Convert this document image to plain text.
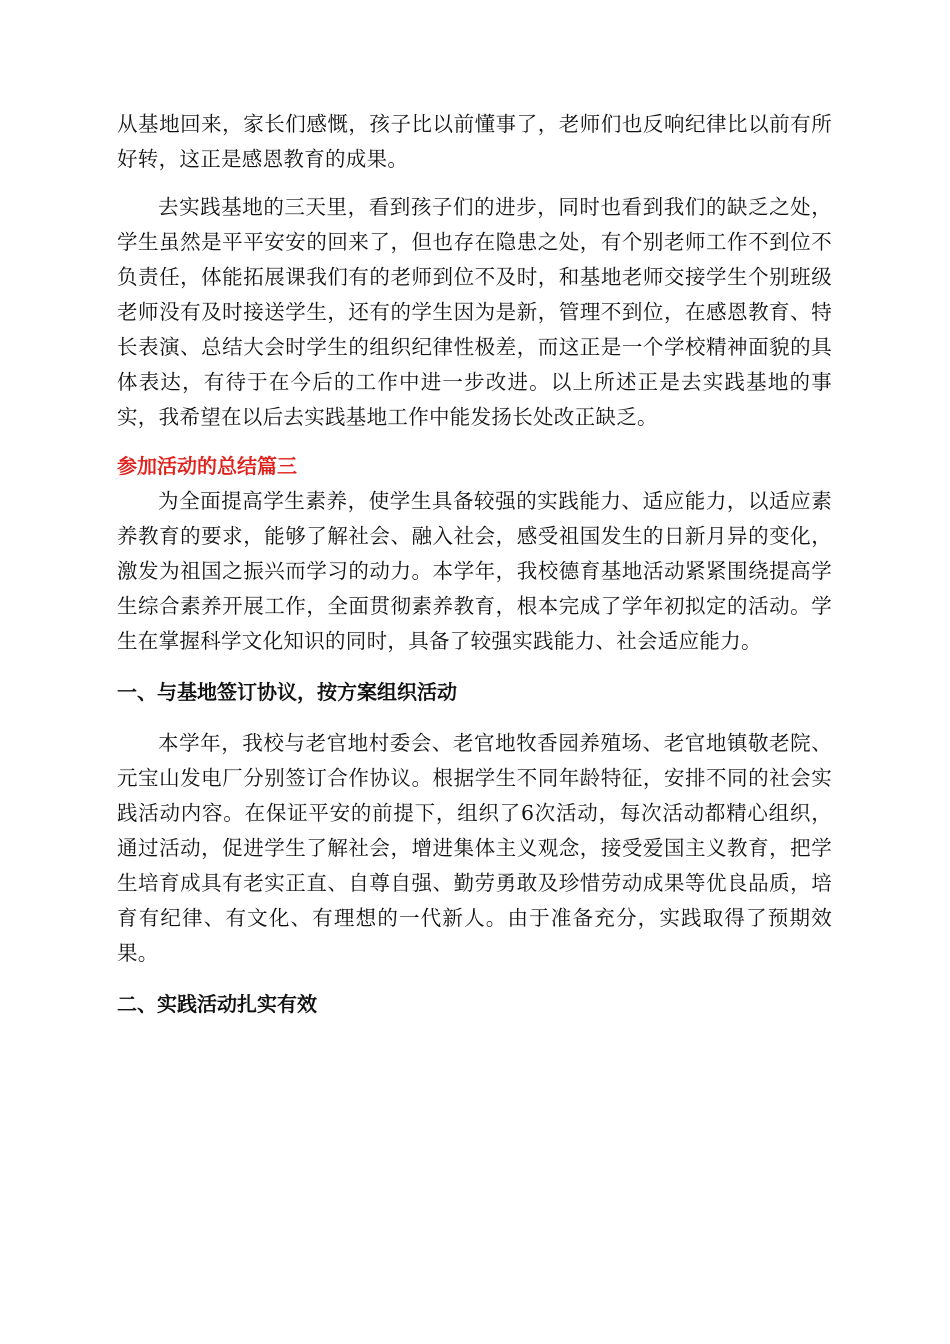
从基地回来，家长们感慨，孩子比以前懂事了，老师们也反响纪律比以前有所好转，这正是感恩教育的成果。

去实践基地的三天里，看到孩子们的进步，同时也看到我们的缺乏之处，学生虽然是平平安安的回来了，但也存在隐患之处，有个别老师工作不到位不负责任，体能拓展课我们有的老师到位不及时，和基地老师交接学生个别班级老师没有及时接送学生，还有的学生因为是新，管理不到位，在感恩教育、特长表演、总结大会时学生的组织纪律性极差，而这正是一个学校精神面貌的具体表达，有待于在今后的工作中进一步改进。以上所述正是去实践基地的事实，我希望在以后去实践基地工作中能发扬长处改正缺乏。

参加活动的总结篇三

为全面提高学生素养，使学生具备较强的实践能力、适应能力，以适应素养教育的要求，能够了解社会、融入社会，感受祖国发生的日新月异的变化，激发为祖国之振兴而学习的动力。本学年，我校德育基地活动紧紧围绕提高学生综合素养开展工作，全面贯彻素养教育，根本完成了学年初拟定的活动。学生在掌握科学文化知识的同时，具备了较强实践能力、社会适应能力。

一、与基地签订协议，按方案组织活动

本学年，我校与老官地村委会、老官地牧香园养殖场、老官地镇敬老院、元宝山发电厂分别签订合作协议。根据学生不同年龄特征，安排不同的社会实践活动内容。在保证平安的前提下，组织了6次活动，每次活动都精心组织，通过活动，促进学生了解社会，增进集体主义观念，接受爱国主义教育，把学生培育成具有老实正直、自尊自强、勤劳勇敢及珍惜劳动成果等优良品质，培育有纪律、有文化、有理想的一代新人。由于准备充分，实践取得了预期效果。

二、实践活动扎实有效
